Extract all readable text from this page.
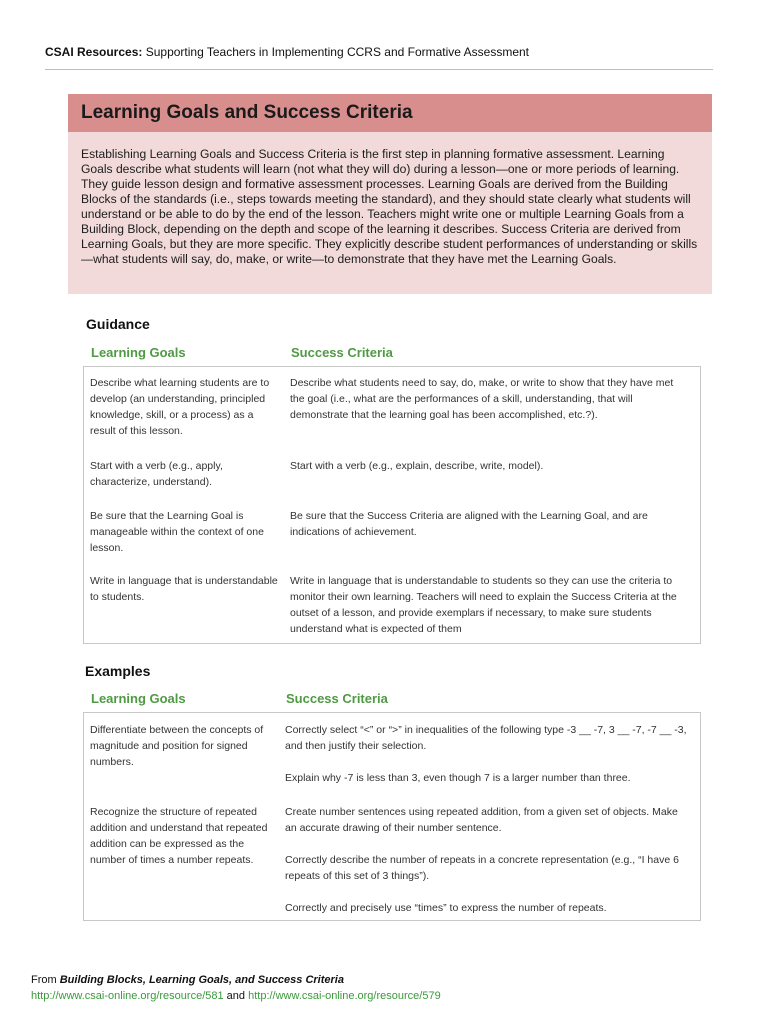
CSAI Resources: Supporting Teachers in Implementing CCRS and Formative Assessment
Learning Goals and Success Criteria
Establishing Learning Goals and Success Criteria is the first step in planning formative assessment. Learning Goals describe what students will learn (not what they will do) during a lesson—one or more periods of learning. They guide lesson design and formative assessment processes. Learning Goals are derived from the Building Blocks of the standards (i.e., steps towards meeting the standard), and they should state clearly what students will understand or be able to do by the end of the lesson. Teachers might write one or multiple Learning Goals from a Building Block, depending on the depth and scope of the learning it describes. Success Criteria are derived from Learning Goals, but they are more specific. They explicitly describe student performances of understanding or skills—what students will say, do, make, or write—to demonstrate that they have met the Learning Goals.
Guidance
Learning Goals	Success Criteria
Describe what learning students are to develop (an understanding, principled knowledge, skill, or a process) as a result of this lesson.
Describe what students need to say, do, make, or write to show that they have met the goal (i.e., what are the performances of a skill, understanding, that will demonstrate that the learning goal has been accomplished, etc.?).
Start with a verb (e.g., apply, characterize, understand).
Start with a verb (e.g., explain, describe, write, model).
Be sure that the Learning Goal is manageable within the context of one lesson.
Be sure that the Success Criteria are aligned with the Learning Goal, and are indications of achievement.
Write in language that is understandable to students.
Write in language that is understandable to students so they can use the criteria to monitor their own learning. Teachers will need to explain the Success Criteria at the outset of a lesson, and provide exemplars if necessary, to make sure students understand what is expected of them
Examples
Learning Goals	Success Criteria
Differentiate between the concepts of magnitude and position for signed numbers.

Correctly select “<” or “>” in inequalities of the following type -3 __ -7, 3 __ -7, -7 __ -3, and then justify their selection.

Explain why -7 is less than 3, even though 7 is a larger number than three.

Recognize the structure of repeated addition and understand that repeated addition can be expressed as the number of times a number repeats.

Create number sentences using repeated addition, from a given set of objects. Make an accurate drawing of their number sentence.

Correctly describe the number of repeats in a concrete representation (e.g., “I have 6 repeats of this set of 3 things”).

Correctly and precisely use “times” to express the number of repeats.

From Building Blocks, Learning Goals, and Success Criteria
http://www.csai-online.org/resource/581 and http://www.csai-online.org/resource/579
